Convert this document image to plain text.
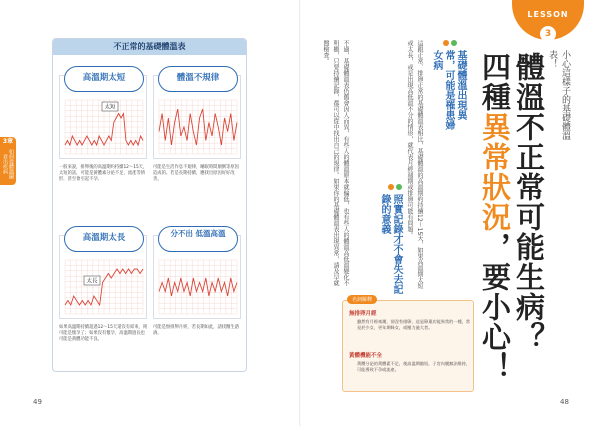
3章
如何從體溫圖看出疾病
不正常的基礎體溫表
高溫期太短
太短
一般來說，排卵後的高溫期約持續12～15天，太短的話，可能是黃體素分泌不足，流產等情形，甚至會引起不孕。
體溫不規律
可能是生活作息不規律，睡眠時間顛倒等原因造成的。若是長期持續，應找出原因好好改善。
高溫期太長
太長
如果高溫期持續超過12～15天還沒有結束，則可能是懷孕了；如果沒有懷孕，高溫期過長也可能是黃體功能不良。
分不出 低溫高溫
可能是無排卵月經，若長期如此，請找醫生諮詢。
49
LESSON
3
小心這樣子的基礎體溫表！
體溫不正常可能生病？
四種異常狀況，要小心！
基礎體溫出現異常，可能是罹患婦女病
這跟正常、排卵正常的基礎體溫表相比，基礎體溫的高溫期約持續12～15天，如果高溫期太短或太長，或是出現高低溫不分的情形，就代表月經週期或排卵可能有問題。
照實記錄才不會失去記錄的意義
不過，基礎體溫表仍舊會因人而異，有些人的體溫原本就偏低，也有些人的體溫高低溫變化不明顯，只要持續記錄，都可以從中找出自己的規律。如果你的基礎體溫表出現異常，請及早就醫檢查。
名詞解釋
無排卵月經
雖然有月經來潮，卻沒有排卵，這是卵巢功能異常的一種，常見於少女、更年期婦女，或壓力過大者。
黃體機能不全
黃體分泌的黃體素不足，使高溫期縮短，子宮內膜無法維持，可能導致不孕或流產。
48
